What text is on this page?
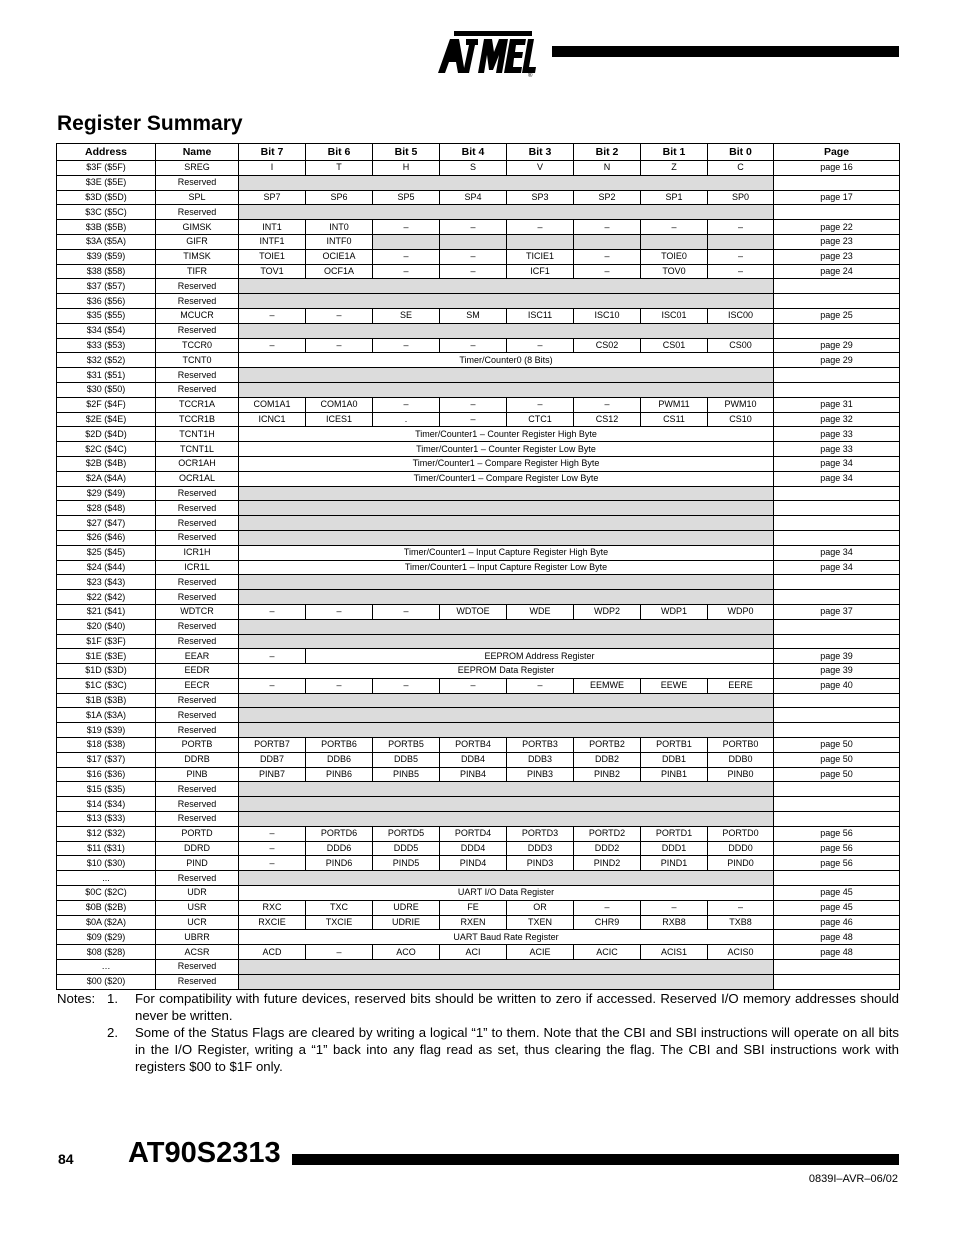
®
Register Summary
Address	Name	Bit 7	Bit 6	Bit 5	Bit 4	Bit 3	Bit 2	Bit 1	Bit 0	Page
$3F ($5F)	SREG	I	T	H	S	V	N	Z	C	page 16
$3E ($5E)	Reserved									
$3D ($5D)	SPL	SP7	SP6	SP5	SP4	SP3	SP2	SP1	SP0	page 17
$3C ($5C)	Reserved									
$3B ($5B)	GIMSK	INT1	INT0	–	–	–	–	–	–	page 22
$3A ($5A)	GIFR	INTF1	INTF0							page 23
$39 ($59)	TIMSK	TOIE1	OCIE1A	–	–	TICIE1	–	TOIE0	–	page 23
$38 ($58)	TIFR	TOV1	OCF1A	–	–	ICF1	–	TOV0	–	page 24
$37 ($57)	Reserved									
$36 ($56)	Reserved									
$35 ($55)	MCUCR	–	–	SE	SM	ISC11	ISC10	ISC01	ISC00	page 25
$34 ($54)	Reserved									
$33 ($53)	TCCR0	–	–	–	–	–	CS02	CS01	CS00	page 29
$32 ($52)	TCNT0	Timer/Counter0 (8 Bits)								page 29
$31 ($51)	Reserved									
$30 ($50)	Reserved									
$2F ($4F)	TCCR1A	COM1A1	COM1A0	–	–	–	–	PWM11	PWM10	page 31
$2E ($4E)	TCCR1B	ICNC1	ICES1	.	–	CTC1	CS12	CS11	CS10	page 32
$2D ($4D)	TCNT1H	Timer/Counter1 – Counter Register High Byte								page 33
$2C ($4C)	TCNT1L	Timer/Counter1 – Counter Register Low Byte								page 33
$2B ($4B)	OCR1AH	Timer/Counter1 – Compare Register High Byte								page 34
$2A ($4A)	OCR1AL	Timer/Counter1 – Compare Register Low Byte								page 34
$29 ($49)	Reserved									
$28 ($48)	Reserved									
$27 ($47)	Reserved									
$26 ($46)	Reserved									
$25 ($45)	ICR1H	Timer/Counter1 – Input Capture Register High Byte								page 34
$24 ($44)	ICR1L	Timer/Counter1 – Input Capture Register Low Byte								page 34
$23 ($43)	Reserved									
$22 ($42)	Reserved									
$21 ($41)	WDTCR	–	–	–	WDTOE	WDE	WDP2	WDP1	WDP0	page 37
$20 ($40)	Reserved									
$1F ($3F)	Reserved									
$1E ($3E)	EEAR	–	EEPROM Address Register							page 39
$1D ($3D)	EEDR	EEPROM Data Register								page 39
$1C ($3C)	EECR	–	–	–	–	–	EEMWE	EEWE	EERE	page 40
$1B ($3B)	Reserved									
$1A ($3A)	Reserved									
$19 ($39)	Reserved									
$18 ($38)	PORTB	PORTB7	PORTB6	PORTB5	PORTB4	PORTB3	PORTB2	PORTB1	PORTB0	page 50
$17 ($37)	DDRB	DDB7	DDB6	DDB5	DDB4	DDB3	DDB2	DDB1	DDB0	page 50
$16 ($36)	PINB	PINB7	PINB6	PINB5	PINB4	PINB3	PINB2	PINB1	PINB0	page 50
$15 ($35)	Reserved									
$14 ($34)	Reserved									
$13 ($33)	Reserved									
$12 ($32)	PORTD	–	PORTD6	PORTD5	PORTD4	PORTD3	PORTD2	PORTD1	PORTD0	page 56
$11 ($31)	DDRD	–	DDD6	DDD5	DDD4	DDD3	DDD2	DDD1	DDD0	page 56
$10 ($30)	PIND	–	PIND6	PIND5	PIND4	PIND3	PIND2	PIND1	PIND0	page 56
...	Reserved									
$0C ($2C)	UDR	UART I/O Data Register								page 45
$0B ($2B)	USR	RXC	TXC	UDRE	FE	OR	–	–	–	page 45
$0A ($2A)	UCR	RXCIE	TXCIE	UDRIE	RXEN	TXEN	CHR9	RXB8	TXB8	page 46
$09 ($29)	UBRR	UART Baud Rate Register								page 48
$08 ($28)	ACSR	ACD	–	ACO	ACI	ACIE	ACIC	ACIS1	ACIS0	page 48
…	Reserved									
$00 ($20)	Reserved									
Notes: 1.	For compatibility with future devices, reserved bits should be written to zero if accessed. Reserved I/O memory addresses should never be written.
2.	Some of the Status Flags are cleared by writing a logical “1” to them. Note that the CBI and SBI instructions will operate on all bits in the I/O Register, writing a “1” back into any flag read as set, thus clearing the flag. The CBI and SBI instructions work with registers $00 to $1F only.
84 AT90S2313
0839I–AVR–06/02
